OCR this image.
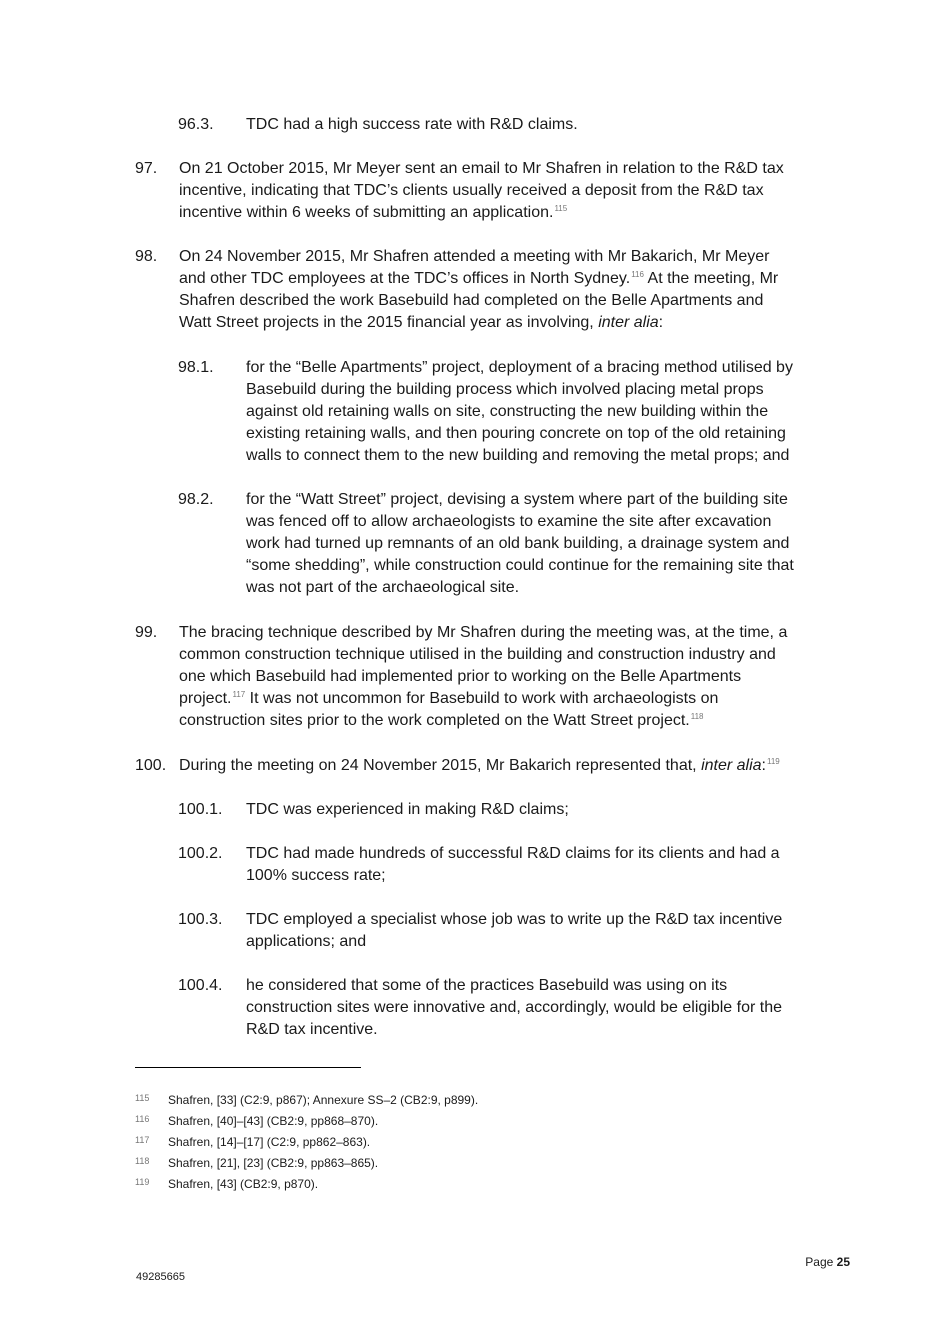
96.3. TDC had a high success rate with R&D claims.
97. On 21 October 2015, Mr Meyer sent an email to Mr Shafren in relation to the R&D tax
incentive, indicating that TDC’s clients usually received a deposit from the R&D tax
incentive within 6 weeks of submitting an application.$^{115}$
98. On 24 November 2015, Mr Shafren attended a meeting with Mr Bakarich, Mr Meyer
and other TDC employees at the TDC’s offices in North Sydney.$^{116}$ At the meeting, Mr
Shafren described the work Basebuild had completed on the Belle Apartments and
Watt Street projects in the 2015 financial year as involving, inter alia:
98.1. for the “Belle Apartments” project, deployment of a bracing method utilised by
Basebuild during the building process which involved placing metal props
against old retaining walls on site, constructing the new building within the
existing retaining walls, and then pouring concrete on top of the old retaining
walls to connect them to the new building and removing the metal props; and
98.2. for the “Watt Street” project, devising a system where part of the building site
was fenced off to allow archaeologists to examine the site after excavation
work had turned up remnants of an old bank building, a drainage system and
“some shedding”, while construction could continue for the remaining site that
was not part of the archaeological site.
99. The bracing technique described by Mr Shafren during the meeting was, at the time, a
common construction technique utilised in the building and construction industry and
one which Basebuild had implemented prior to working on the Belle Apartments
project.$^{117}$ It was not uncommon for Basebuild to work with archaeologists on
construction sites prior to the work completed on the Watt Street project.$^{118}$
100. During the meeting on 24 November 2015, Mr Bakarich represented that, inter alia:$^{119}$
100.1. TDC was experienced in making R&D claims;
100.2. TDC had made hundreds of successful R&D claims for its clients and had a
100% success rate;
100.3. TDC employed a specialist whose job was to write up the R&D tax incentive
applications; and
100.4. he considered that some of the practices Basebuild was using on its
construction sites were innovative and, accordingly, would be eligible for the
R&D tax incentive.
115 Shafren, [33] (C2:9, p867); Annexure SS–2 (CB2:9, p899).
116 Shafren, [40]–[43] (CB2:9, pp868–870).
117 Shafren, [14]–[17] (C2:9, pp862–863).
118 Shafren, [21], [23] (CB2:9, pp863–865).
119 Shafren, [43] (CB2:9, p870).
Page 25
49285665
